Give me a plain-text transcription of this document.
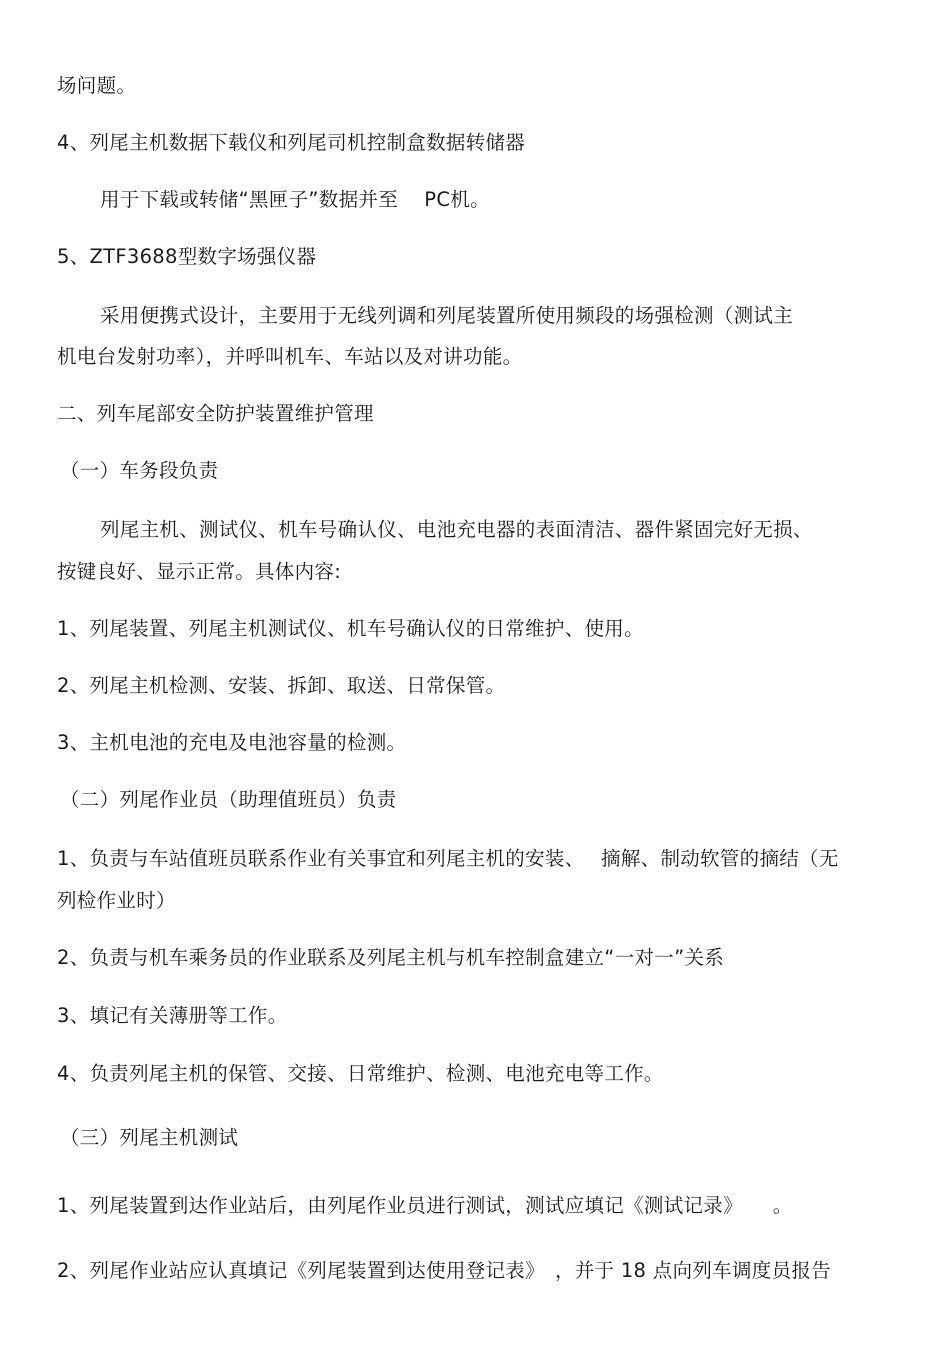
场问题。
4、列尾主机数据下载仪和列尾司机控制盒数据转储器
用于下载或转储“黑匣子”数据并至　 PC机。
5、ZTF3688型数字场强仪器
采用便携式设计，主要用于无线列调和列尾装置所使用频段的场强检测（测试主
机电台发射功率），并呼叫机车、车站以及对讲功能。
二、列车尾部安全防护装置维护管理
（一）车务段负责
列尾主机、测试仪、机车号确认仪、电池充电器的表面清洁、器件紧固完好无损、
按键良好、显示正常。具体内容:
1、列尾装置、列尾主机测试仪、机车号确认仪的日常维护、使用。
2、列尾主机检测、安装、拆卸、取送、日常保管。
3、主机电池的充电及电池容量的检测。
（二）列尾作业员（助理值班员）负责
1、负责与车站值班员联系作业有关事宜和列尾主机的安装、　 摘解、制动软管的摘结（无
列检作业时）
2、负责与机车乘务员的作业联系及列尾主机与机车控制盒建立“一对一”关系
3、填记有关薄册等工作。
4、负责列尾主机的保管、交接、日常维护、检测、电池充电等工作。
（三）列尾主机测试
1、列尾装置到达作业站后，由列尾作业员进行测试，测试应填记《测试记录》　　。
2、列尾作业站应认真填记《列尾装置到达使用登记表》　，并于 18 点向列车调度员报告
